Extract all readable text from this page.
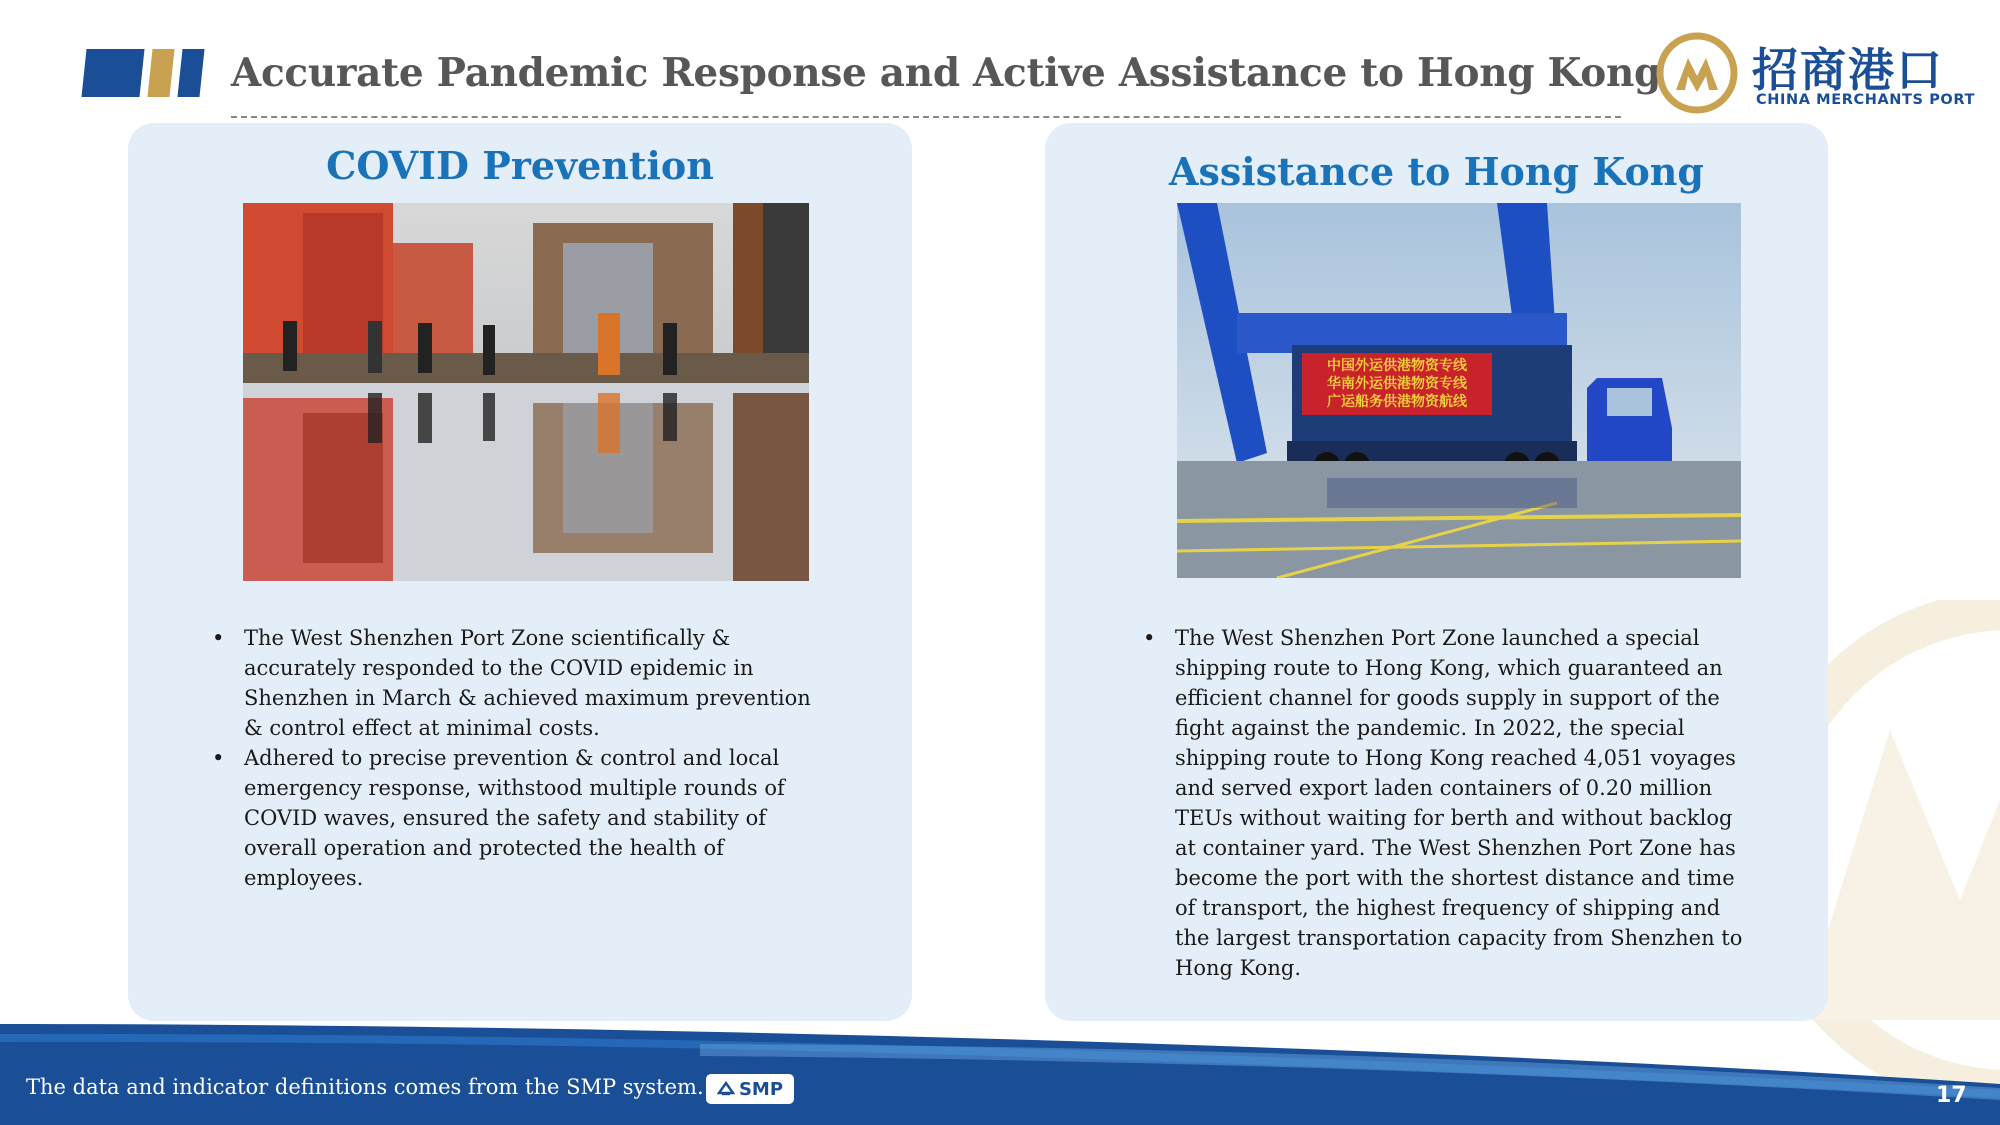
Accurate Pandemic Response and Active Assistance to Hong Kong 招商港口
CHINA MERCHANTS PORT
COVID Prevention
• The West Shenzhen Port Zone scientifically & accurately responded to the COVID epidemic in Shenzhen in March & achieved maximum prevention & control effect at minimal costs.
• Adhered to precise prevention & control and local emergency response, withstood multiple rounds of COVID waves, ensured the safety and stability of overall operation and protected the health of employees.
Assistance to Hong Kong
中国外运供港物资专线
华南外运供港物资专线
广运船务供港物资航线
• The West Shenzhen Port Zone launched a special shipping route to Hong Kong, which guaranteed an efficient channel for goods supply in support of the fight against the pandemic. In 2022, the special shipping route to Hong Kong reached 4,051 voyages and served export laden containers of 0.20 million TEUs without waiting for berth and without backlog at container yard. The West Shenzhen Port Zone has become the port with the shortest distance and time of transport, the highest frequency of shipping and the largest transportation capacity from Shenzhen to Hong Kong.
The data and indicator definitions comes from the SMP system. SMP	17
